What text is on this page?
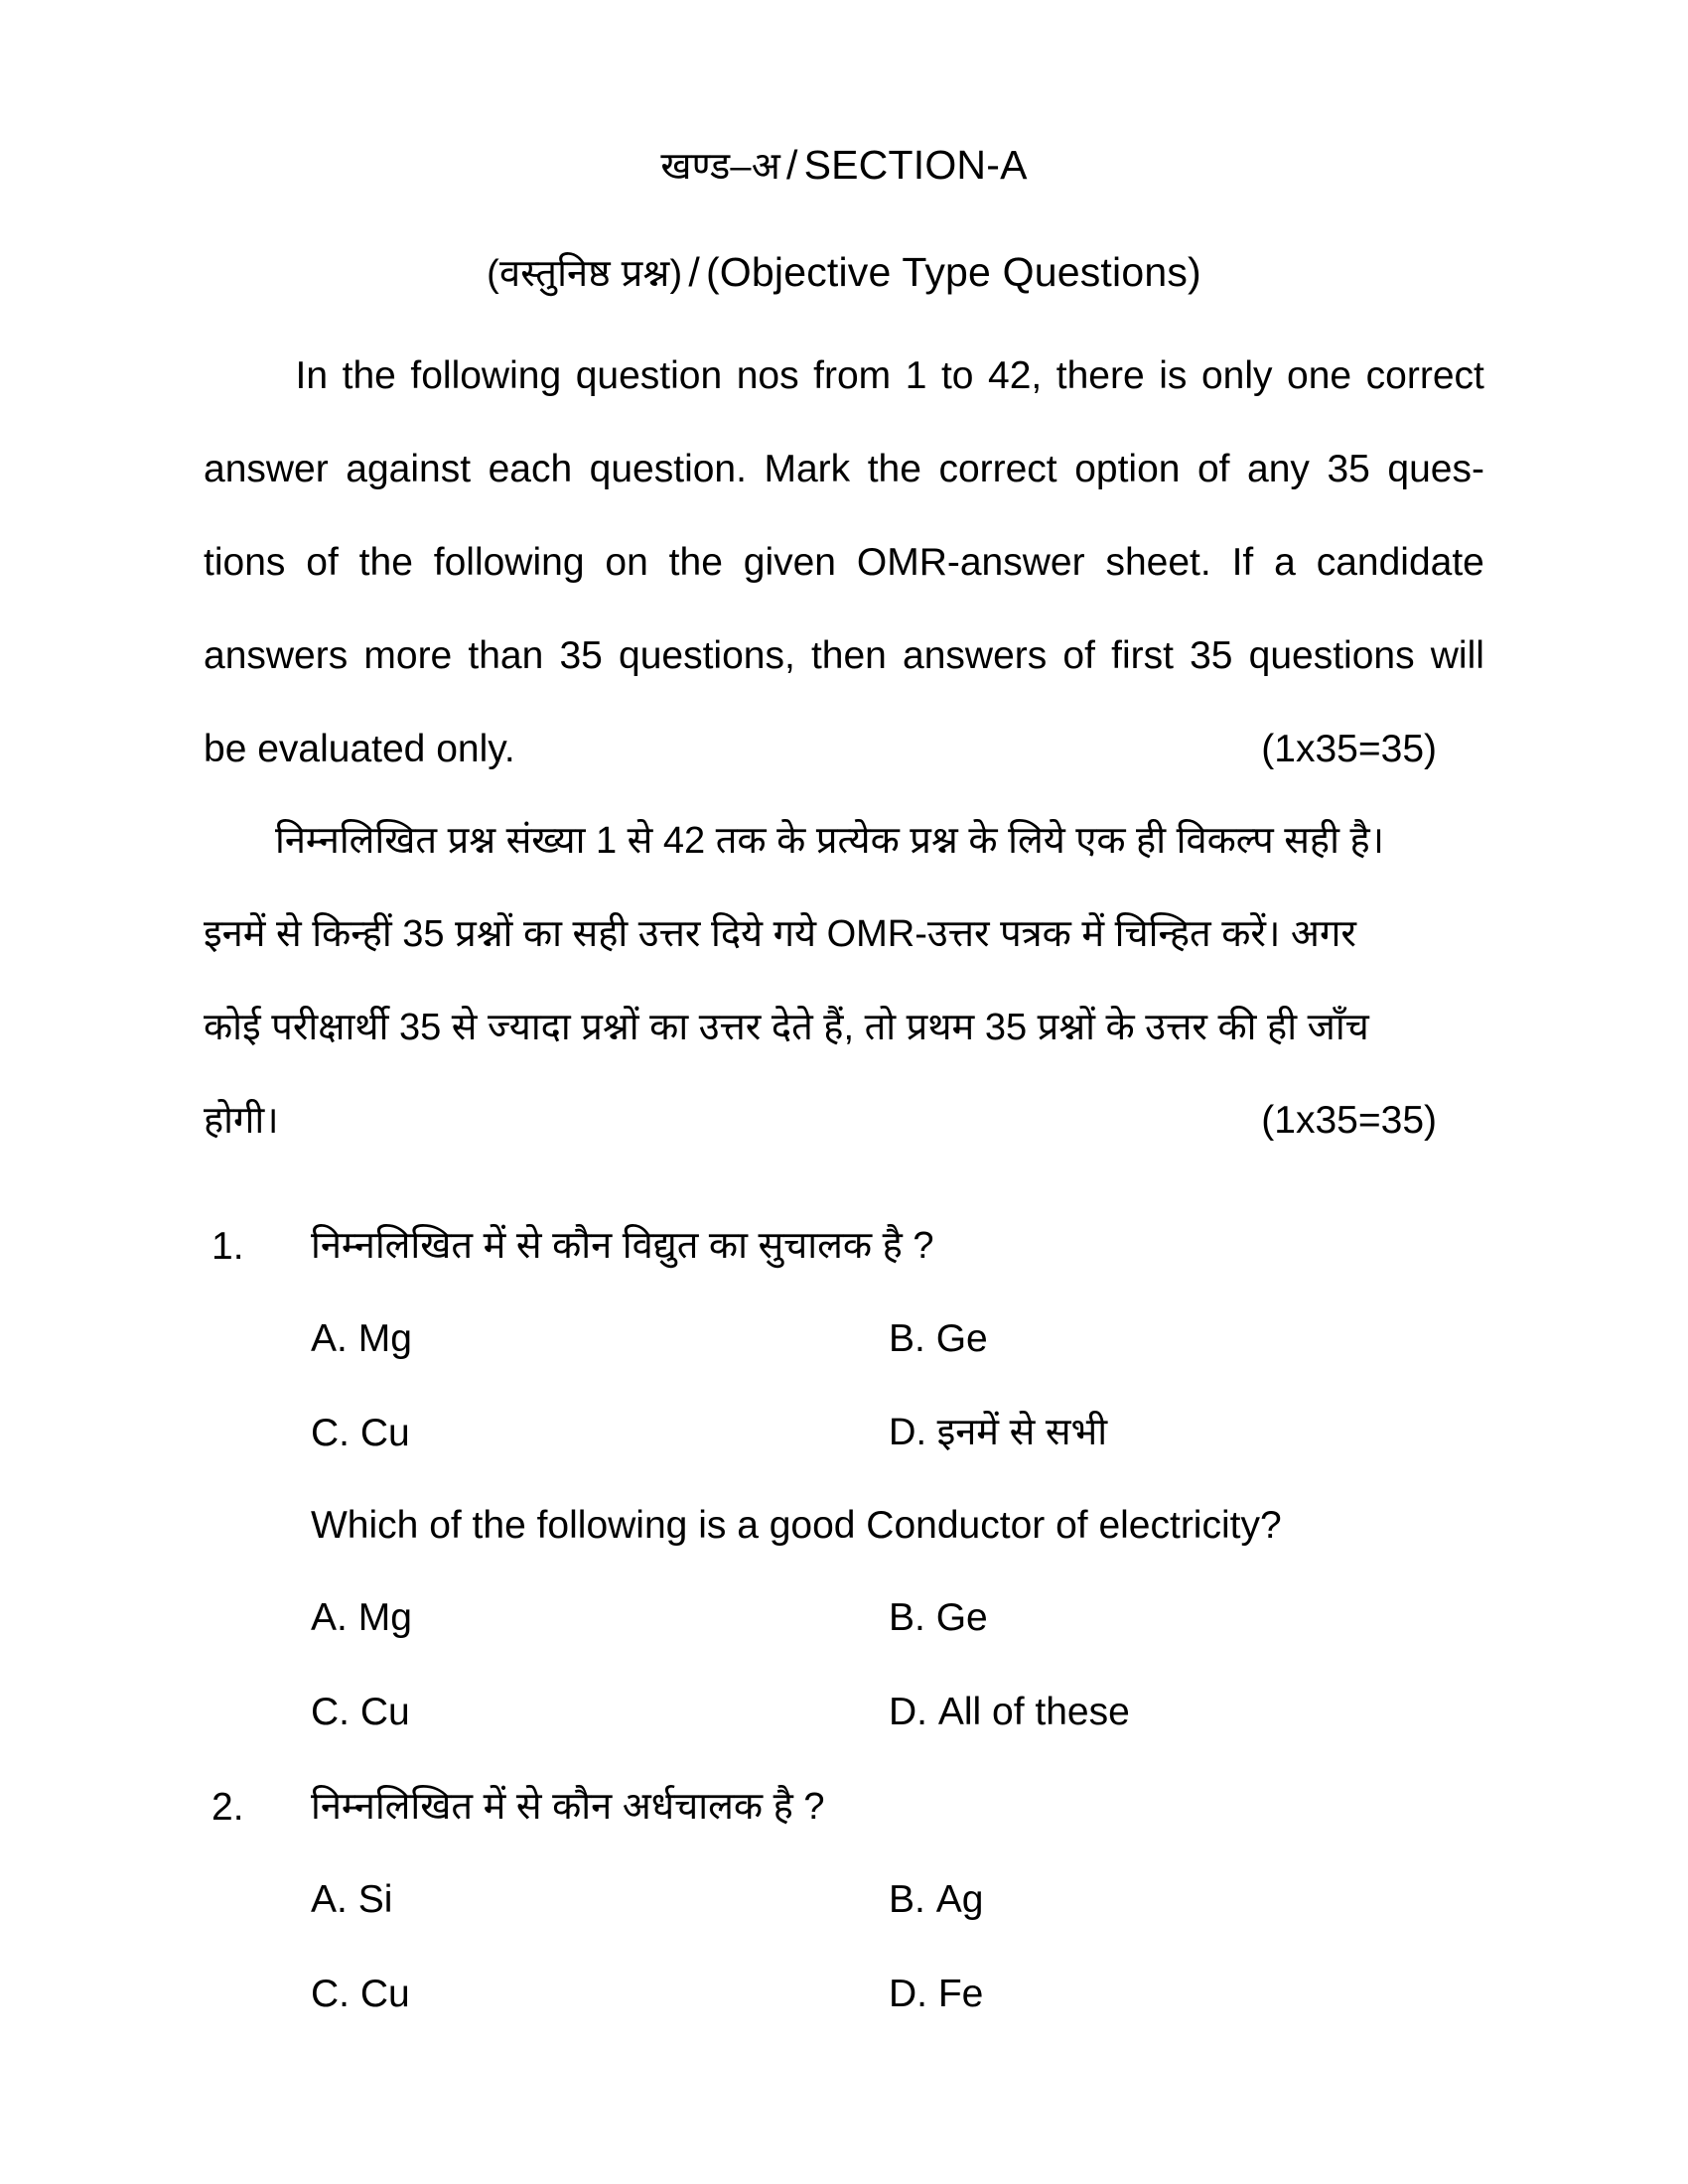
खण्ड–अ / SECTION-A
(वस्तुनिष्ठ प्रश्न) / (Objective Type Questions)

In the following question nos from 1 to 42, there is only one correct
answer against each question. Mark the correct option of any 35 ques-
tions of the following on the given OMR-answer sheet. If a candidate
answers more than 35 questions, then answers of first 35 questions will
be evaluated only.	(1x35=35)
निम्नलिखित प्रश्न संख्या 1 से 42 तक के प्रत्येक प्रश्न के लिये एक ही विकल्प सही है।
इनमें से किन्हीं 35 प्रश्नों का सही उत्तर दिये गये OMR-उत्तर पत्रक में चिन्हित करें। अगर
कोई परीक्षार्थी 35 से ज्यादा प्रश्नों का उत्तर देते हैं, तो प्रथम 35 प्रश्नों के उत्तर की ही जाँच
होगी।	(1x35=35)
1. निम्नलिखित में से कौन विद्युत का सुचालक है ?
A. Mg	B. Ge
C. Cu	D. इनमें से सभी
Which of the following is a good Conductor of electricity?
A. Mg	B. Ge
C. Cu	D. All of these
2. निम्नलिखित में से कौन अर्धचालक है ?
A. Si	B. Ag
C. Cu	D. Fe
